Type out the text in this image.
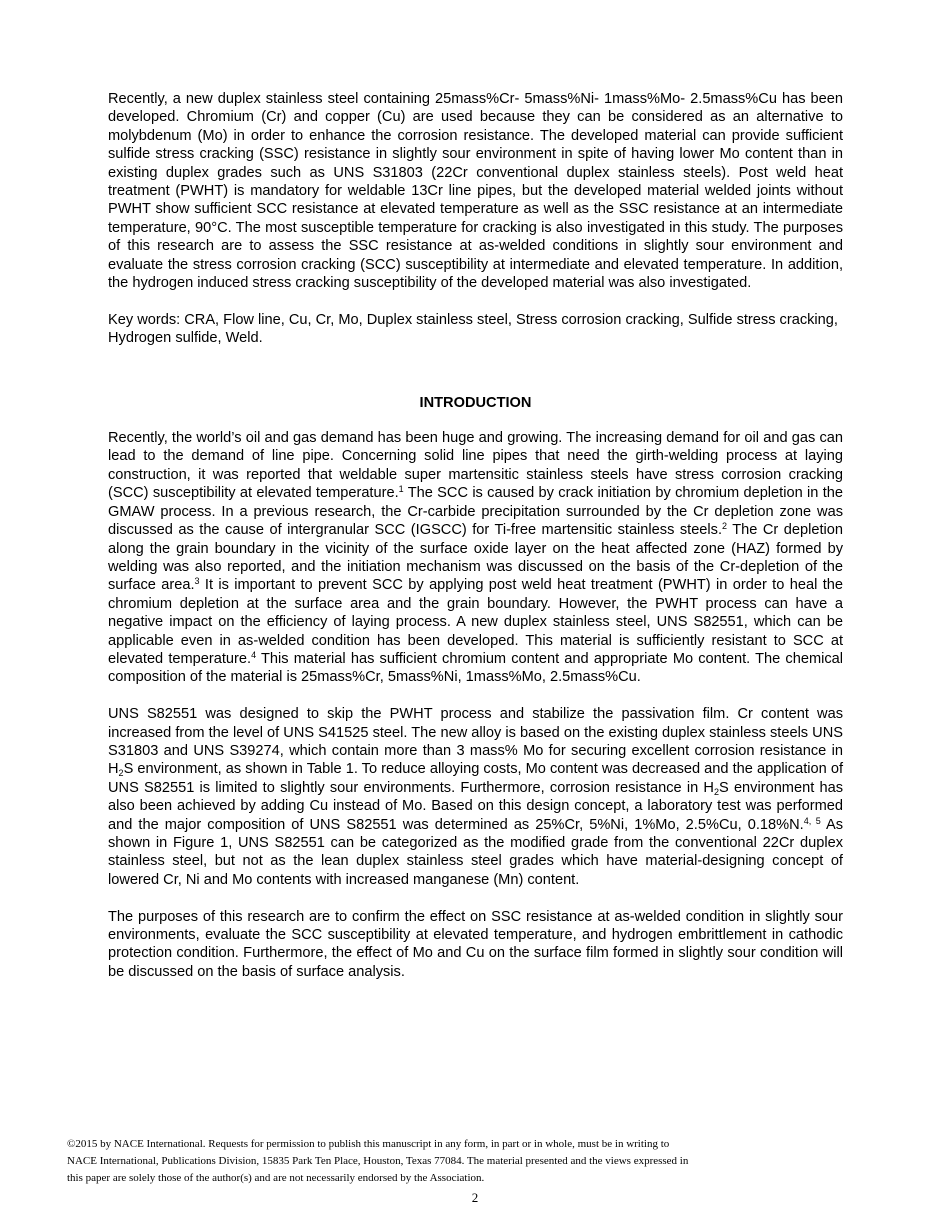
Recently, a new duplex stainless steel containing 25mass%Cr- 5mass%Ni- 1mass%Mo- 2.5mass%Cu has been developed. Chromium (Cr) and copper (Cu) are used because they can be considered as an alternative to molybdenum (Mo) in order to enhance the corrosion resistance. The developed material can provide sufficient sulfide stress cracking (SSC) resistance in slightly sour environment in spite of having lower Mo content than in existing duplex grades such as UNS S31803 (22Cr conventional duplex stainless steels). Post weld heat treatment (PWHT) is mandatory for weldable 13Cr line pipes, but the developed material welded joints without PWHT show sufficient SCC resistance at elevated temperature as well as the SSC resistance at an intermediate temperature, 90°C. The most susceptible temperature for cracking is also investigated in this study. The purposes of this research are to assess the SSC resistance at as-welded conditions in slightly sour environment and evaluate the stress corrosion cracking (SCC) susceptibility at intermediate and elevated temperature. In addition, the hydrogen induced stress cracking susceptibility of the developed material was also investigated.

Key words: CRA, Flow line, Cu, Cr, Mo, Duplex stainless steel, Stress corrosion cracking, Sulfide stress cracking, Hydrogen sulfide, Weld.

INTRODUCTION

Recently, the world’s oil and gas demand has been huge and growing. The increasing demand for oil and gas can lead to the demand of line pipe. Concerning solid line pipes that need the girth-welding process at laying construction, it was reported that weldable super martensitic stainless steels have stress corrosion cracking (SCC) susceptibility at elevated temperature.$^1$ The SCC is caused by crack initiation by chromium depletion in the GMAW process. In a previous research, the Cr-carbide precipitation surrounded by the Cr depletion zone was discussed as the cause of intergranular SCC (IGSCC) for Ti-free martensitic stainless steels.$^2$ The Cr depletion along the grain boundary in the vicinity of the surface oxide layer on the heat affected zone (HAZ) formed by welding was also reported, and the initiation mechanism was discussed on the basis of the Cr-depletion of the surface area.$^3$ It is important to prevent SCC by applying post weld heat treatment (PWHT) in order to heal the chromium depletion at the surface area and the grain boundary. However, the PWHT process can have a negative impact on the efficiency of laying process. A new duplex stainless steel, UNS S82551, which can be applicable even in as-welded condition has been developed. This material is sufficiently resistant to SCC at elevated temperature.$^4$ This material has sufficient chromium content and appropriate Mo content. The chemical composition of the material is 25mass%Cr, 5mass%Ni, 1mass%Mo, 2.5mass%Cu.

UNS S82551 was designed to skip the PWHT process and stabilize the passivation film. Cr content was increased from the level of UNS S41525 steel. The new alloy is based on the existing duplex stainless steels UNS S31803 and UNS S39274, which contain more than 3 mass% Mo for securing excellent corrosion resistance in $H_2S$ environment, as shown in Table 1. To reduce alloying costs, Mo content was decreased and the application of UNS S82551 is limited to slightly sour environments. Furthermore, corrosion resistance in $H_2S$ environment has also been achieved by adding Cu instead of Mo. Based on this design concept, a laboratory test was performed and the major composition of UNS S82551 was determined as 25%Cr, 5%Ni, 1%Mo, 2.5%Cu, 0.18%N.$^{4, 5}$ As shown in Figure 1, UNS S82551 can be categorized as the modified grade from the conventional 22Cr duplex stainless steel, but not as the lean duplex stainless steel grades which have material-designing concept of lowered Cr, Ni and Mo contents with increased manganese (Mn) content.

The purposes of this research are to confirm the effect on SSC resistance at as-welded condition in slightly sour environments, evaluate the SCC susceptibility at elevated temperature, and hydrogen embrittlement in cathodic protection condition. Furthermore, the effect of Mo and Cu on the surface film formed in slightly sour condition will be discussed on the basis of surface analysis.

©2015 by NACE International. Requests for permission to publish this manuscript in any form, in part or in whole, must be in writing to
NACE International, Publications Division, 15835 Park Ten Place, Houston, Texas 77084. The material presented and the views expressed in
this paper are solely those of the author(s) and are not necessarily endorsed by the Association.
2
